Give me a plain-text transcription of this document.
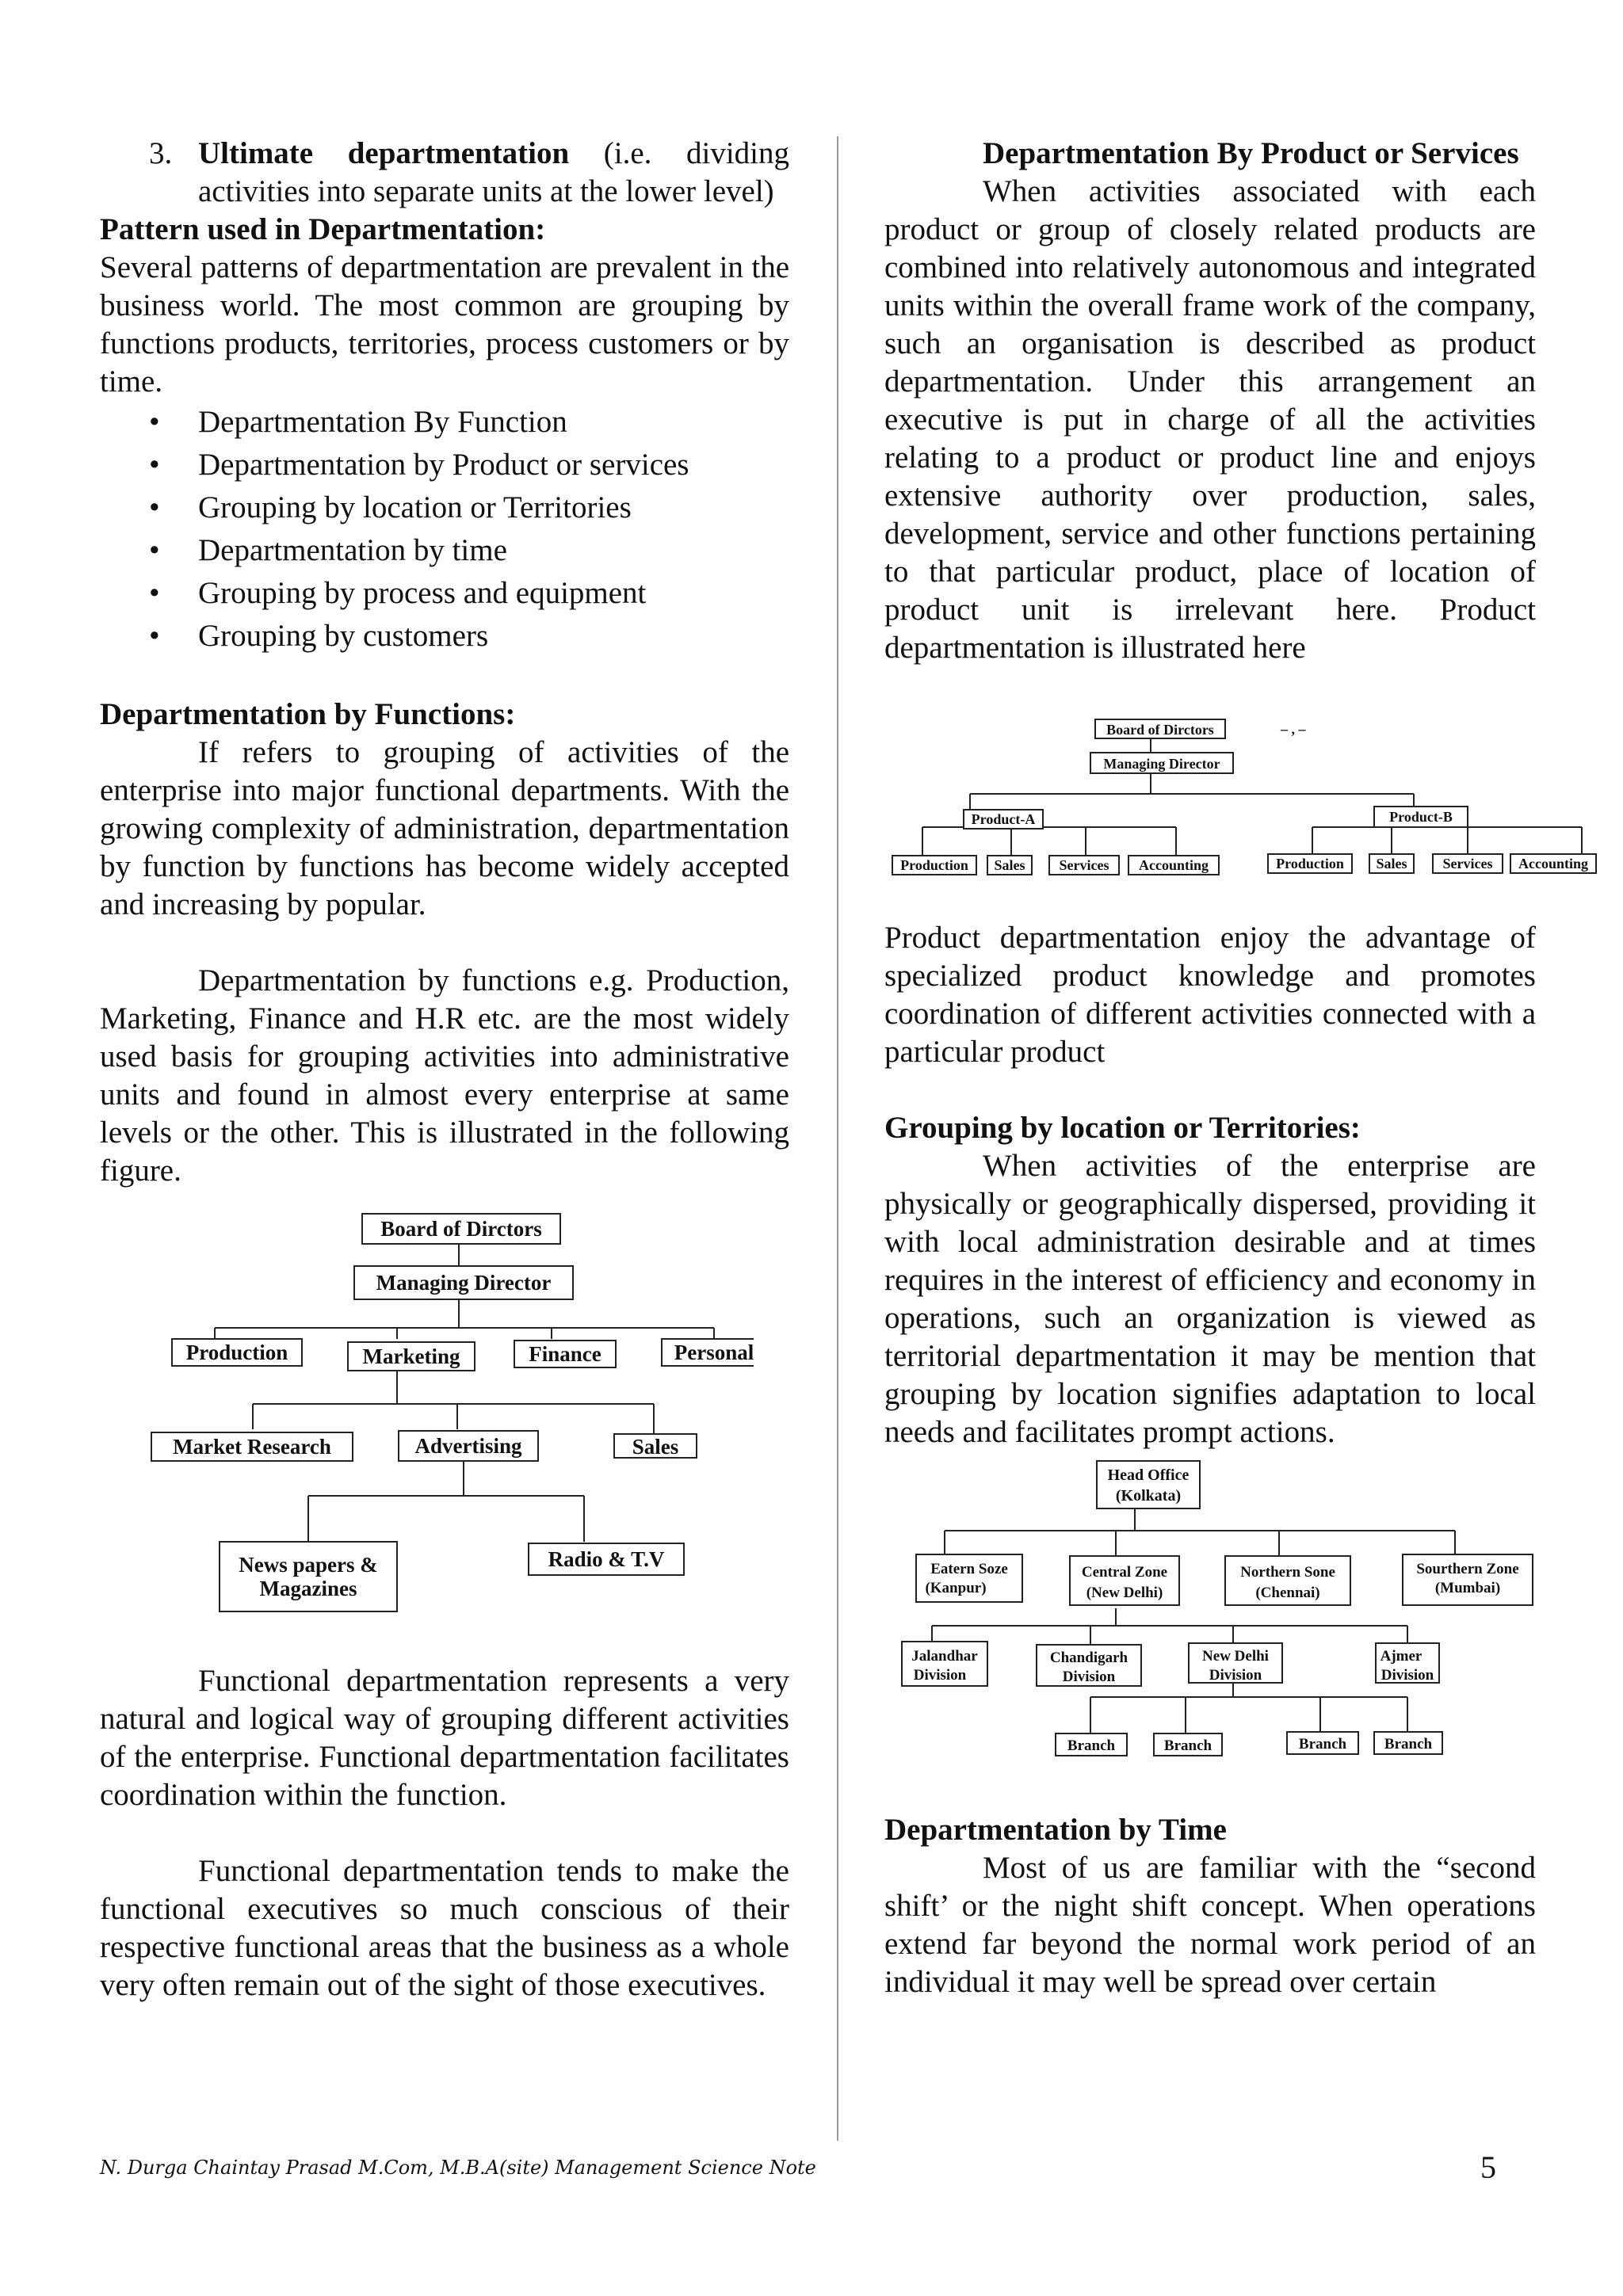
3. Ultimate departmentation (i.e. dividing activities into separate units at the lower level)

Pattern used in Departmentation:

Several patterns of departmentation are prevalent in the business world. The most common are grouping by functions products, territories, process customers or by time.

• Departmentation By Function
• Departmentation by Product or services
• Grouping by location or Territories
• Departmentation by time
• Grouping by process and equipment
• Grouping by customers

Departmentation by Functions:

If refers to grouping of activities of the enterprise into major functional departments. With the growing complexity of administration, departmentation by function by functions has become widely accepted and increasing by popular.

Departmentation by functions e.g. Production, Marketing, Finance and H.R etc. are the most widely used basis for grouping activities into administrative units and found in almost every enterprise at same levels or the other. This is illustrated in the following figure.

Board of Dirctors
Managing Director
Production	Marketing	Finance	Personal
Market Research	Advertising	Sales
News papers &
Magazines
Radio & T.V

Functional departmentation represents a very natural and logical way of grouping different activities of the enterprise. Functional departmentation facilitates coordination within the function.

Functional departmentation tends to make the functional executives so much conscious of their respective functional areas that the business as a whole very often remain out of the sight of those executives.

Departmentation By Product or Services

When activities associated with each product or group of closely related products are combined into relatively autonomous and integrated units within the overall frame work of the company, such an organisation is described as product departmentation. Under this arrangement an executive is put in charge of all the activities relating to a product or product line and enjoys extensive authority over production, sales, development, service and other functions pertaining to that particular product, place of location of product unit is irrelevant here. Product departmentation is illustrated here

Board of Dirctors	– , –
Managing Director
Product-A	Product-B
Production Sales Services Accounting	Production Sales	Services Accounting

Product departmentation enjoy the advantage of specialized product knowledge and promotes coordination of different activities connected with a particular product

Grouping by location or Territories:

When activities of the enterprise are physically or geographically dispersed, providing it with local administration desirable and at times requires in the interest of efficiency and economy in operations, such an organization is viewed as territorial departmentation it may be mention that grouping by location signifies adaptation to local needs and facilitates prompt actions.

Head Office
(Kolkata)
Eatern Soze
(Kanpur)
Central Zone
(New Delhi)
Northern Sone
(Chennai)
Sourthern Zone
(Mumbai)
Jalandhar
Division
Chandigarh
Division
New Delhi
Division
Ajmer
Division
Branch	Branch	Branch	Branch

Departmentation by Time

Most of us are familiar with the “second shift’ or the night shift concept. When operations extend far beyond the normal work period of an individual it may well be spread over certain

N. Durga Chaintay Prasad M.Com, M.B.A(site) Management Science Note	5
